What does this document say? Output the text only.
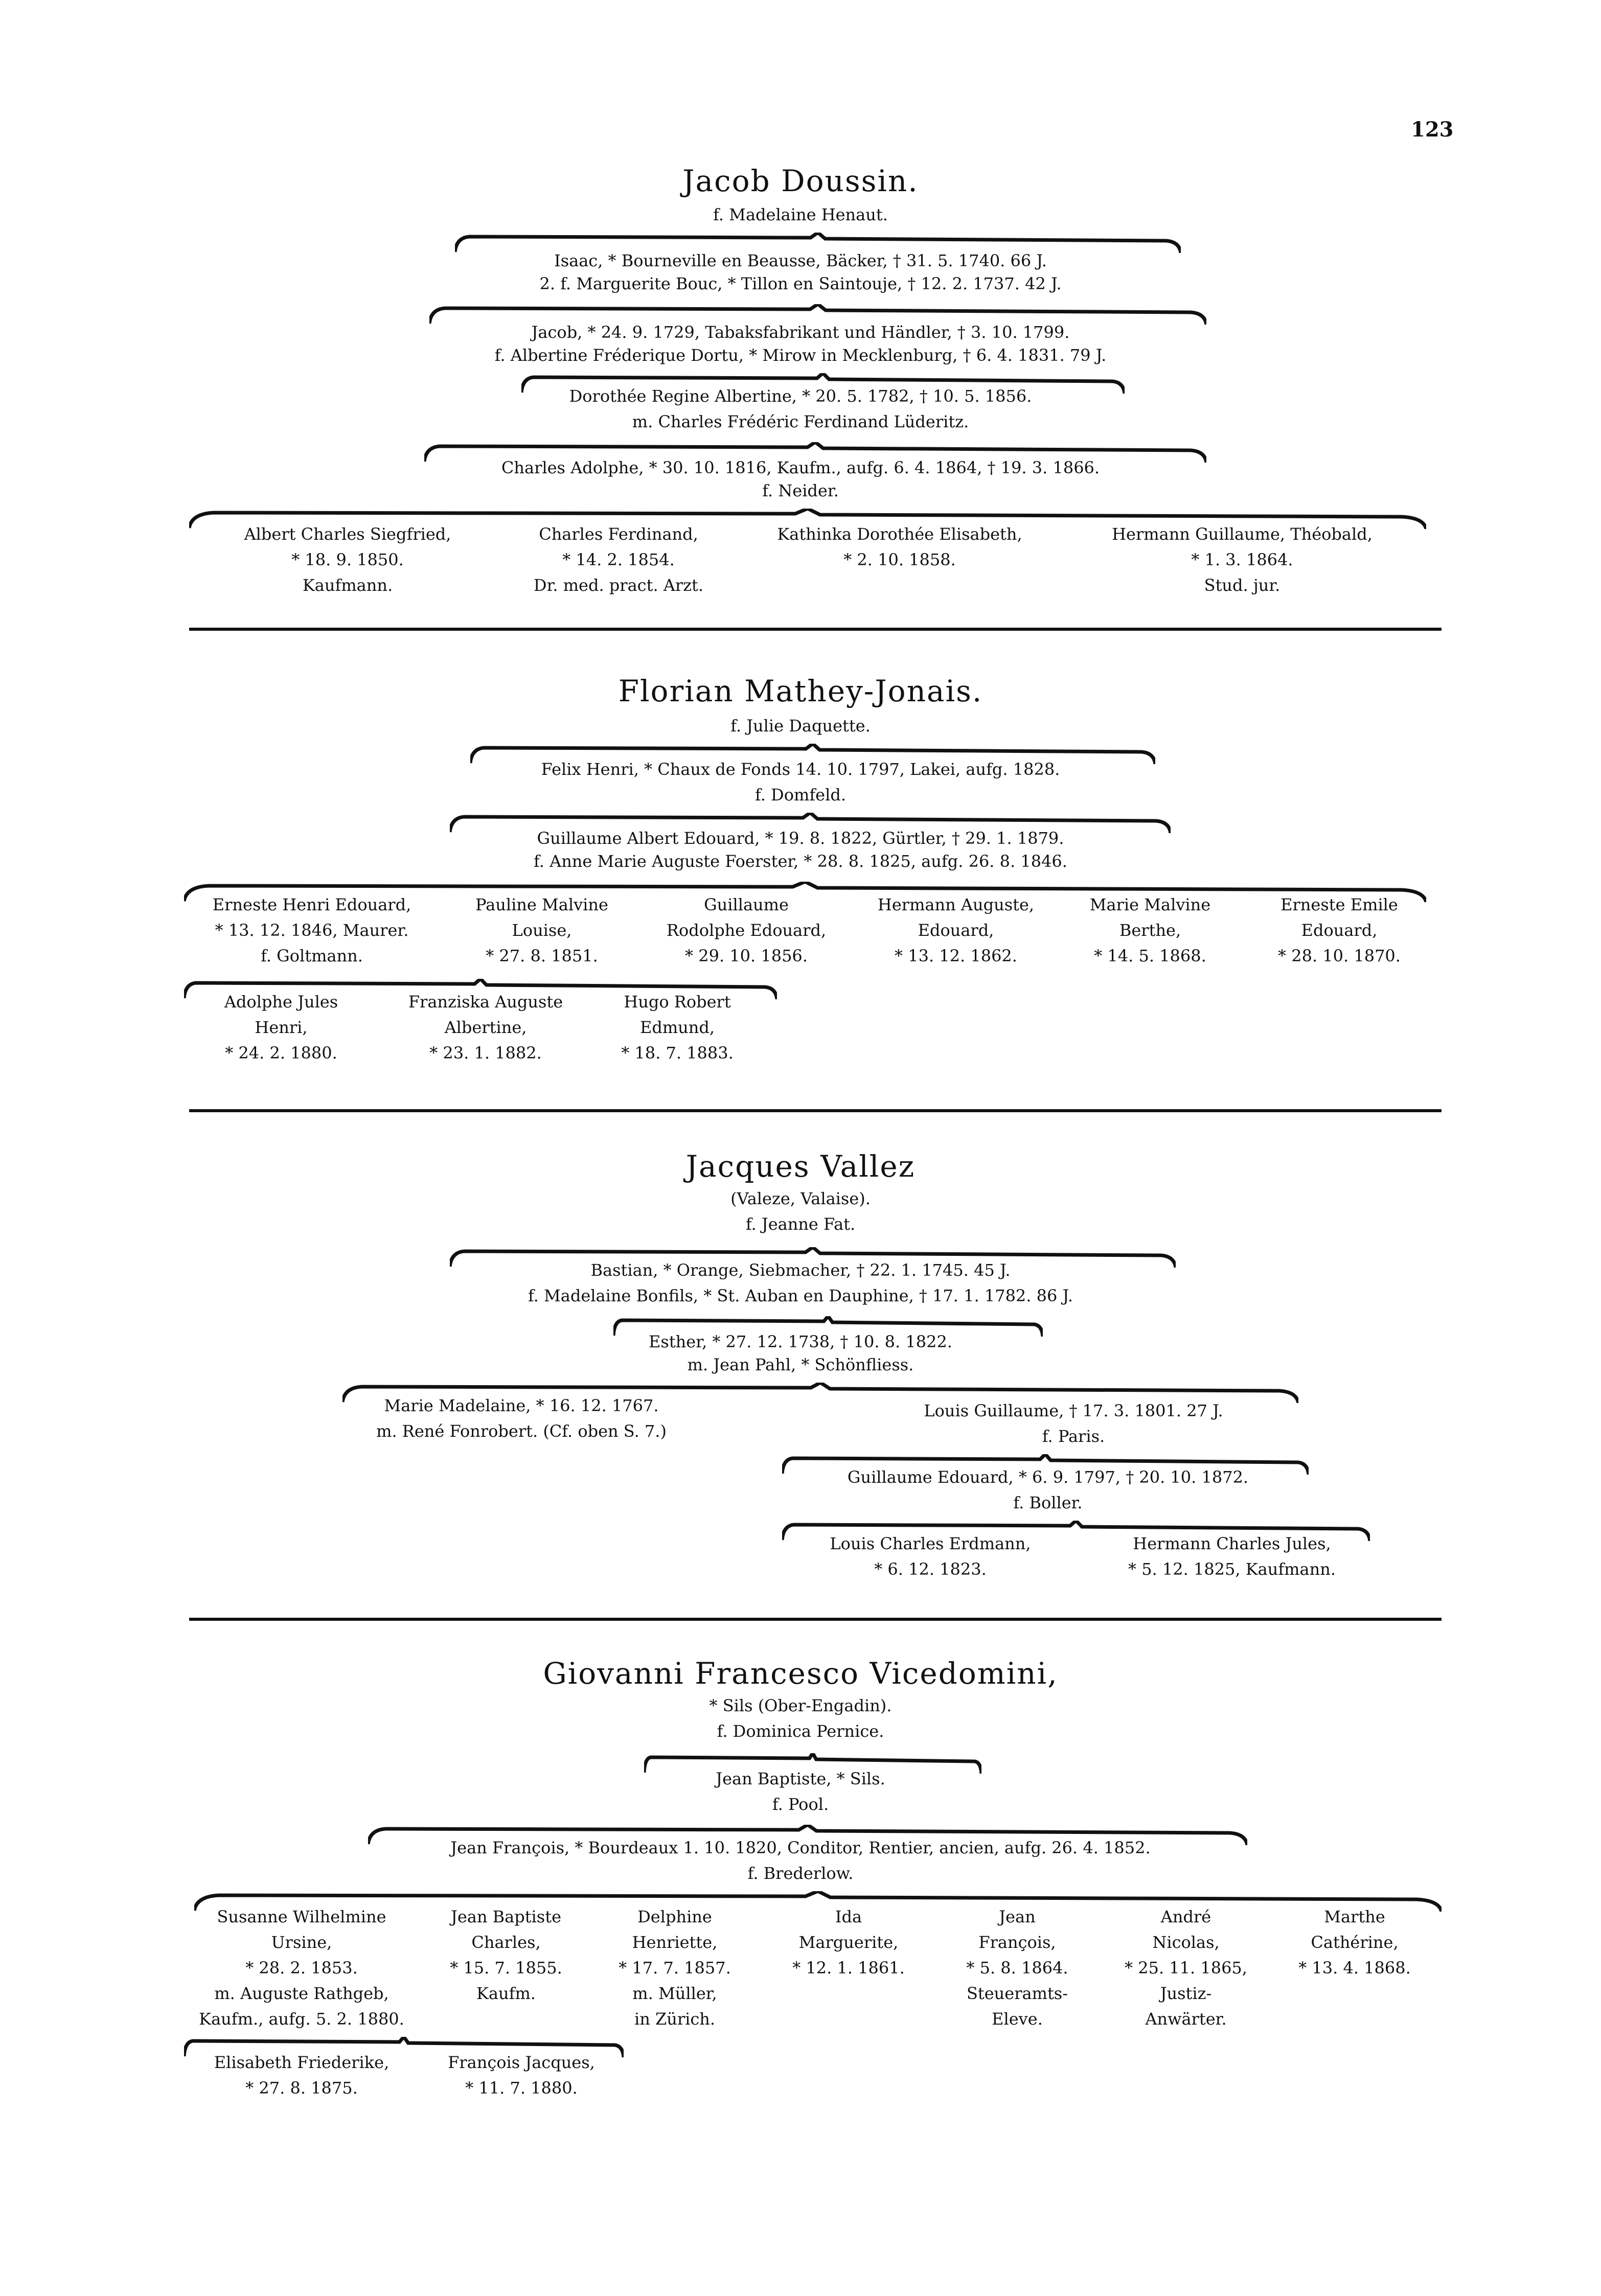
123
Jacob Doussin.
f. Madelaine Henaut.
Isaac, * Bourneville en Beausse, Bäcker, † 31. 5. 1740. 66 J.
2. f. Marguerite Bouc, * Tillon en Saintouje, † 12. 2. 1737. 42 J.
Jacob, * 24. 9. 1729, Tabaksfabrikant und Händler, † 3. 10. 1799.
f. Albertine Fréderique Dortu, * Mirow in Mecklenburg, † 6. 4. 1831. 79 J.
Dorothée Regine Albertine, * 20. 5. 1782, † 10. 5. 1856.
m. Charles Frédéric Ferdinand Lüderitz.
Charles Adolphe, * 30. 10. 1816, Kaufm., aufg. 6. 4. 1864, † 19. 3. 1866.
f. Neider.
Albert Charles Siegfried,
* 18. 9. 1850.
Kaufmann.
Charles Ferdinand,
* 14. 2. 1854.
Dr. med. pract. Arzt.
Kathinka Dorothée Elisabeth,
* 2. 10. 1858.
Hermann Guillaume, Théobald,
* 1. 3. 1864.
Stud. jur.
Florian Mathey-Jonais.
f. Julie Daquette.
Felix Henri, * Chaux de Fonds 14. 10. 1797, Lakei, aufg. 1828.
f. Domfeld.
Guillaume Albert Edouard, * 19. 8. 1822, Gürtler, † 29. 1. 1879.
f. Anne Marie Auguste Foerster, * 28. 8. 1825, aufg. 26. 8. 1846.
Erneste Henri Edouard,
* 13. 12. 1846, Maurer.
f. Goltmann.
Pauline Malvine
Louise,
* 27. 8. 1851.
Guillaume
Rodolphe Edouard,
* 29. 10. 1856.
Hermann Auguste,
Edouard,
* 13. 12. 1862.
Marie Malvine
Berthe,
* 14. 5. 1868.
Erneste Emile
Edouard,
* 28. 10. 1870.
Adolphe Jules
Henri,
* 24. 2. 1880.
Franziska Auguste
Albertine,
* 23. 1. 1882.
Hugo Robert
Edmund,
* 18. 7. 1883.
Jacques Vallez
(Valeze, Valaise).
f. Jeanne Fat.
Bastian, * Orange, Siebmacher, † 22. 1. 1745. 45 J.
f. Madelaine Bonfils, * St. Auban en Dauphine, † 17. 1. 1782. 86 J.
Esther, * 27. 12. 1738, † 10. 8. 1822.
m. Jean Pahl, * Schönfliess.
Marie Madelaine, * 16. 12. 1767.
m. René Fonrobert. (Cf. oben S. 7.)
Louis Guillaume, † 17. 3. 1801. 27 J.
f. Paris.
Guillaume Edouard, * 6. 9. 1797, † 20. 10. 1872.
f. Boller.
Louis Charles Erdmann,
* 6. 12. 1823.
Hermann Charles Jules,
* 5. 12. 1825, Kaufmann.
Giovanni Francesco Vicedomini,
* Sils (Ober-Engadin).
f. Dominica Pernice.
Jean Baptiste, * Sils.
f. Pool.
Jean François, * Bourdeaux 1. 10. 1820, Conditor, Rentier, ancien, aufg. 26. 4. 1852.
f. Brederlow.
Susanne Wilhelmine
Ursine,
* 28. 2. 1853.
m. Auguste Rathgeb,
Kaufm., aufg. 5. 2. 1880.
Jean Baptiste
Charles,
* 15. 7. 1855.
Kaufm.
Delphine
Henriette,
* 17. 7. 1857.
m. Müller,
in Zürich.
Ida
Marguerite,
* 12. 1. 1861.
Jean
François,
* 5. 8. 1864.
Steueramts-
Eleve.
André
Nicolas,
* 25. 11. 1865,
Justiz-
Anwärter.
Marthe
Cathérine,
* 13. 4. 1868.
Elisabeth Friederike,
* 27. 8. 1875.
François Jacques,
* 11. 7. 1880.
